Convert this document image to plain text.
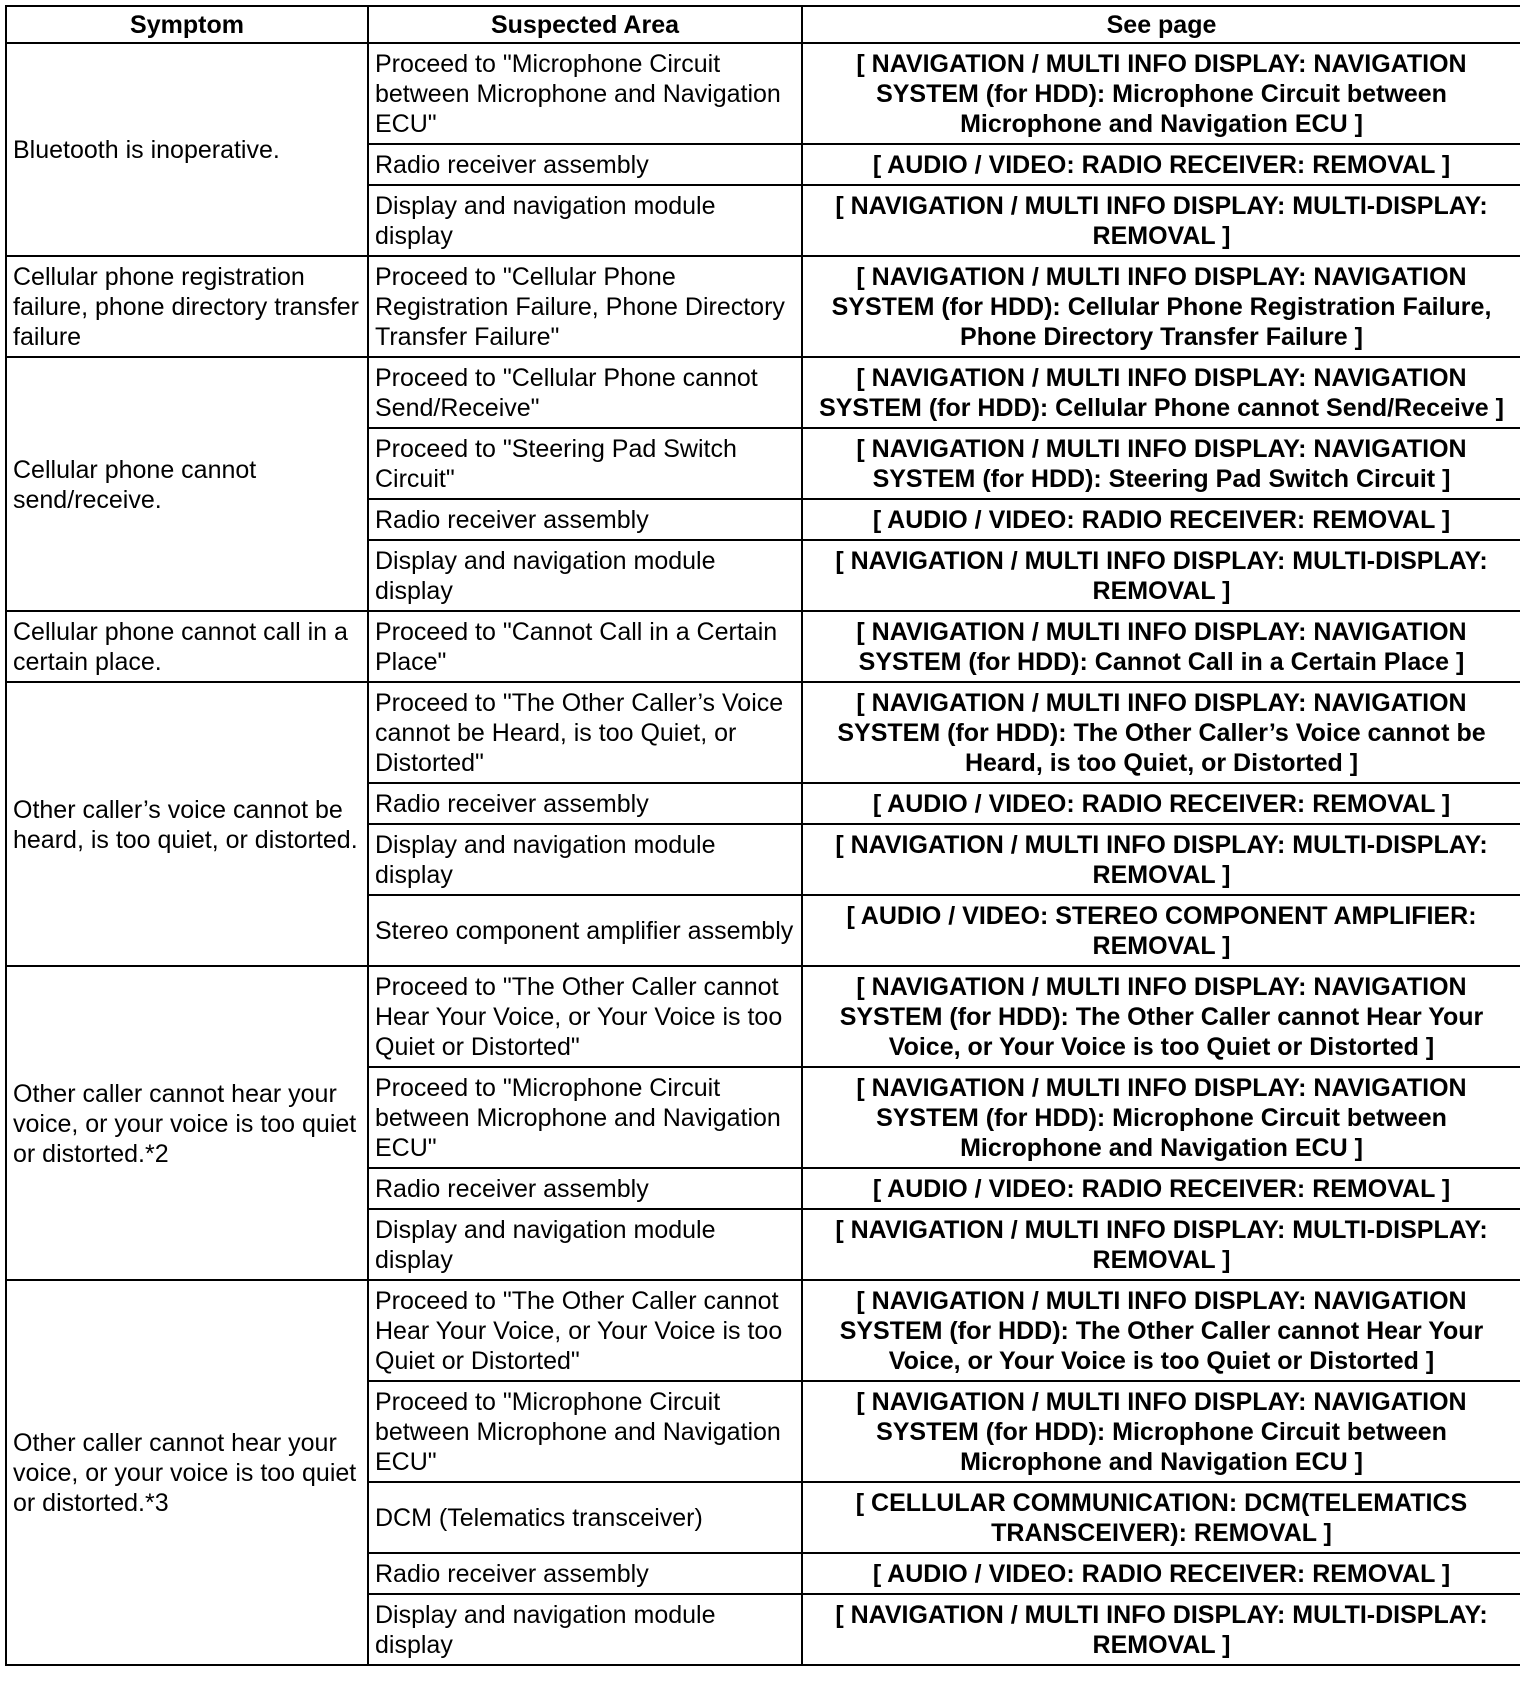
Symptom	Suspected Area	See page
Bluetooth is inoperative.	Proceed to "Microphone Circuit between Microphone and Navigation ECU"	[ NAVIGATION / MULTI INFO DISPLAY: NAVIGATION SYSTEM (for HDD): Microphone Circuit between Microphone and Navigation ECU ]
	Radio receiver assembly	[ AUDIO / VIDEO: RADIO RECEIVER: REMOVAL ]
	Display and navigation module display	[ NAVIGATION / MULTI INFO DISPLAY: MULTI-DISPLAY: REMOVAL ]
Cellular phone registration failure, phone directory transfer failure	Proceed to "Cellular Phone Registration Failure, Phone Directory Transfer Failure"	[ NAVIGATION / MULTI INFO DISPLAY: NAVIGATION SYSTEM (for HDD): Cellular Phone Registration Failure, Phone Directory Transfer Failure ]
Cellular phone cannot send/receive.	Proceed to "Cellular Phone cannot Send/Receive"	[ NAVIGATION / MULTI INFO DISPLAY: NAVIGATION SYSTEM (for HDD): Cellular Phone cannot Send/Receive ]
	Proceed to "Steering Pad Switch Circuit"	[ NAVIGATION / MULTI INFO DISPLAY: NAVIGATION SYSTEM (for HDD): Steering Pad Switch Circuit ]
	Radio receiver assembly	[ AUDIO / VIDEO: RADIO RECEIVER: REMOVAL ]
	Display and navigation module display	[ NAVIGATION / MULTI INFO DISPLAY: MULTI-DISPLAY: REMOVAL ]
Cellular phone cannot call in a certain place.	Proceed to "Cannot Call in a Certain Place"	[ NAVIGATION / MULTI INFO DISPLAY: NAVIGATION SYSTEM (for HDD): Cannot Call in a Certain Place ]
Other caller’s voice cannot be heard, is too quiet, or distorted.	Proceed to "The Other Caller’s Voice cannot be Heard, is too Quiet, or Distorted"	[ NAVIGATION / MULTI INFO DISPLAY: NAVIGATION SYSTEM (for HDD): The Other Caller’s Voice cannot be Heard, is too Quiet, or Distorted ]
	Radio receiver assembly	[ AUDIO / VIDEO: RADIO RECEIVER: REMOVAL ]
	Display and navigation module display	[ NAVIGATION / MULTI INFO DISPLAY: MULTI-DISPLAY: REMOVAL ]
	Stereo component amplifier assembly	[ AUDIO / VIDEO: STEREO COMPONENT AMPLIFIER: REMOVAL ]
Other caller cannot hear your voice, or your voice is too quiet or distorted.*2	Proceed to "The Other Caller cannot Hear Your Voice, or Your Voice is too Quiet or Distorted"	[ NAVIGATION / MULTI INFO DISPLAY: NAVIGATION SYSTEM (for HDD): The Other Caller cannot Hear Your Voice, or Your Voice is too Quiet or Distorted ]
	Proceed to "Microphone Circuit between Microphone and Navigation ECU"	[ NAVIGATION / MULTI INFO DISPLAY: NAVIGATION SYSTEM (for HDD): Microphone Circuit between Microphone and Navigation ECU ]
	Radio receiver assembly	[ AUDIO / VIDEO: RADIO RECEIVER: REMOVAL ]
	Display and navigation module display	[ NAVIGATION / MULTI INFO DISPLAY: MULTI-DISPLAY: REMOVAL ]
Other caller cannot hear your voice, or your voice is too quiet or distorted.*3	Proceed to "The Other Caller cannot Hear Your Voice, or Your Voice is too Quiet or Distorted"	[ NAVIGATION / MULTI INFO DISPLAY: NAVIGATION SYSTEM (for HDD): The Other Caller cannot Hear Your Voice, or Your Voice is too Quiet or Distorted ]
	Proceed to "Microphone Circuit between Microphone and Navigation ECU"	[ NAVIGATION / MULTI INFO DISPLAY: NAVIGATION SYSTEM (for HDD): Microphone Circuit between Microphone and Navigation ECU ]
	DCM (Telematics transceiver)	[ CELLULAR COMMUNICATION: DCM(TELEMATICS TRANSCEIVER): REMOVAL ]
	Radio receiver assembly	[ AUDIO / VIDEO: RADIO RECEIVER: REMOVAL ]
	Display and navigation module display	[ NAVIGATION / MULTI INFO DISPLAY: MULTI-DISPLAY: REMOVAL ]
